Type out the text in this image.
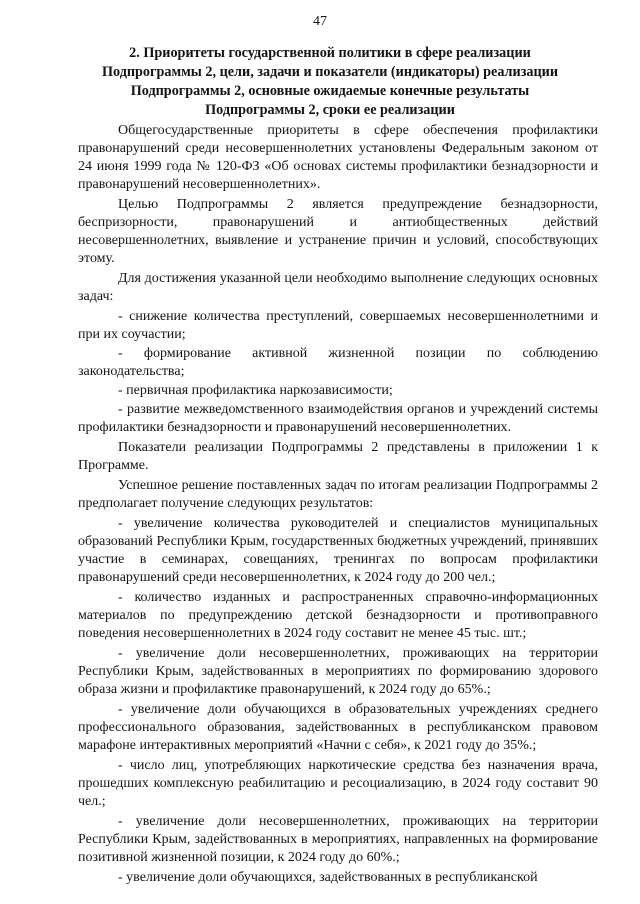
47
2. Приоритеты государственной политики в сфере реализации
Подпрограммы 2, цели, задачи и показатели (индикаторы) реализации
Подпрограммы 2, основные ожидаемые конечные результаты
Подпрограммы 2, сроки ее реализации

Общегосударственные приоритеты в сфере обеспечения профилактики правонарушений среди несовершеннолетних установлены Федеральным законом от 24 июня 1999 года № 120-ФЗ «Об основах системы профилактики безнадзорности и правонарушений несовершеннолетних».

Целью Подпрограммы 2 является предупреждение безнадзорности, беспризорности, правонарушений и антиобщественных действий несовершеннолетних, выявление и устранение причин и условий, способствующих этому.

Для достижения указанной цели необходимо выполнение следующих основных задач:

- снижение количества преступлений, совершаемых несовершеннолетними и при их соучастии;

- формирование активной жизненной позиции по соблюдению законодательства;

- первичная профилактика наркозависимости;

- развитие межведомственного взаимодействия органов и учреждений системы профилактики безнадзорности и правонарушений несовершеннолетних.

Показатели реализации Подпрограммы 2 представлены в приложении 1 к Программе.

Успешное решение поставленных задач по итогам реализации Подпрограммы 2 предполагает получение следующих результатов:

- увеличение количества руководителей и специалистов муниципальных образований Республики Крым, государственных бюджетных учреждений, принявших участие в семинарах, совещаниях, тренингах по вопросам профилактики правонарушений среди несовершеннолетних, к 2024 году до 200 чел.;

- количество изданных и распространенных справочно-информационных материалов по предупреждению детской безнадзорности и противоправного поведения несовершеннолетних в 2024 году составит не менее 45 тыс. шт.;

- увеличение доли несовершеннолетних, проживающих на территории Республики Крым, задействованных в мероприятиях по формированию здорового образа жизни и профилактике правонарушений, к 2024 году до 65%.;

- увеличение доли обучающихся в образовательных учреждениях среднего профессионального образования, задействованных в республиканском правовом марафоне интерактивных мероприятий «Начни с себя», к 2021 году до 35%.;

- число лиц, употребляющих наркотические средства без назначения врача, прошедших комплексную реабилитацию и ресоциализацию, в 2024 году составит 90 чел.;

- увеличение доли несовершеннолетних, проживающих на территории Республики Крым, задействованных в мероприятиях, направленных на формирование позитивной жизненной позиции, к 2024 году до 60%.;

- увеличение доли обучающихся, задействованных в республиканской
